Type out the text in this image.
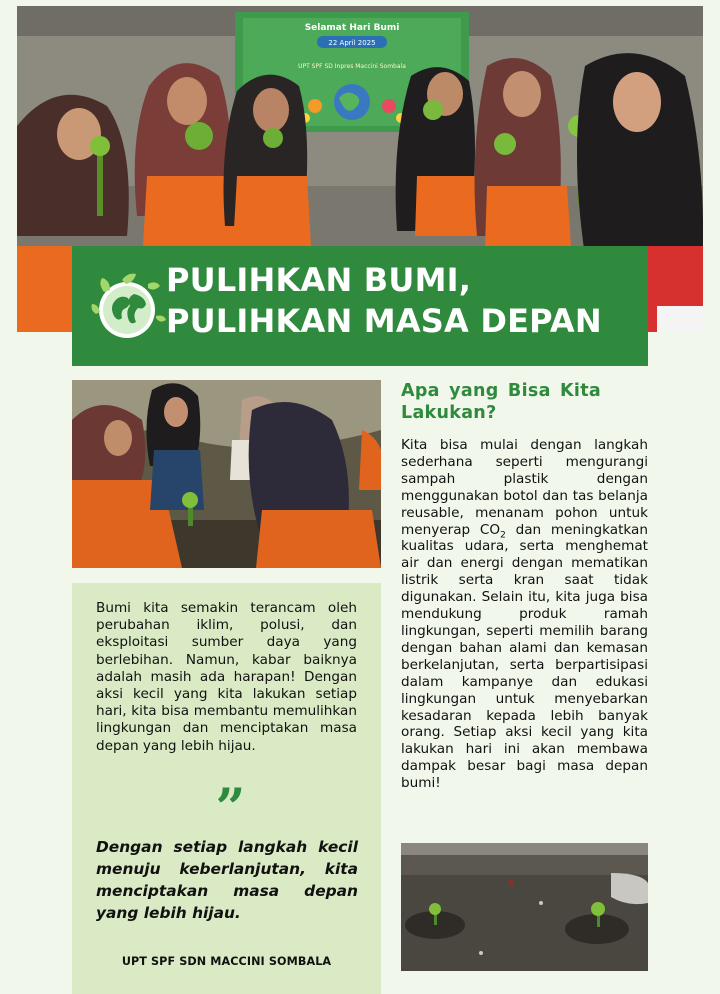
Selamat Hari Bumi
22 April 2025
UPT SPF SD Inpres Maccini Sombala
PULIHKAN BUMI,
PULIHKAN MASA DEPAN
Bumi kita semakin terancam oleh perubahan iklim, polusi, dan eksploitasi sumber daya yang berlebihan. Namun, kabar baiknya adalah masih ada harapan! Dengan aksi kecil yang kita lakukan setiap hari, kita bisa membantu memulihkan lingkungan dan menciptakan masa depan yang lebih hijau.
”
Dengan setiap langkah kecil menuju keberlanjutan, kita menciptakan masa depan yang lebih hijau.
UPT SPF SDN MACCINI SOMBALA
Apa yang Bisa Kita Lakukan?
Kita bisa mulai dengan langkah sederhana seperti mengurangi sampah plastik dengan menggunakan botol dan tas belanja reusable, menanam pohon untuk menyerap $CO_2$ dan meningkatkan kualitas udara, serta menghemat air dan energi dengan mematikan listrik serta kran saat tidak digunakan. Selain itu, kita juga bisa mendukung produk ramah lingkungan, seperti memilih barang dengan bahan alami dan kemasan berkelanjutan, serta berpartisipasi dalam kampanye dan edukasi lingkungan untuk menyebarkan kesadaran kepada lebih banyak orang. Setiap aksi kecil yang kita lakukan hari ini akan membawa dampak besar bagi masa depan bumi!
